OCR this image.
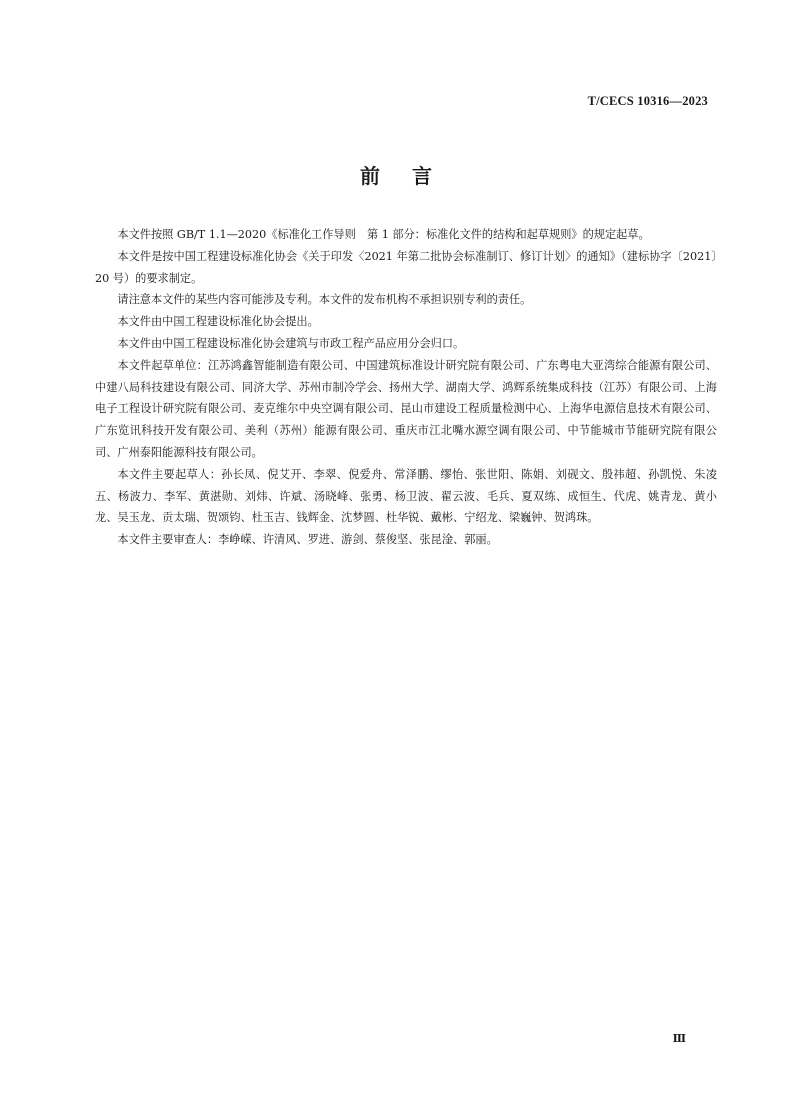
T/CECS 10316—2023
前言

本文件按照 GB/T 1.1—2020《标准化工作导则　第 1 部分：标准化文件的结构和起草规则》的规定起草。

本文件是按中国工程建设标准化协会《关于印发〈2021 年第二批协会标准制订、修订计划〉的通知》（建标协字〔2021〕20 号）的要求制定。

请注意本文件的某些内容可能涉及专利。本文件的发布机构不承担识别专利的责任。

本文件由中国工程建设标准化协会提出。

本文件由中国工程建设标准化协会建筑与市政工程产品应用分会归口。

本文件起草单位：江苏鸿鑫智能制造有限公司、中国建筑标准设计研究院有限公司、广东粤电大亚湾综合能源有限公司、中建八局科技建设有限公司、同济大学、苏州市制冷学会、扬州大学、湖南大学、鸿辉系统集成科技（江苏）有限公司、上海电子工程设计研究院有限公司、麦克维尔中央空调有限公司、昆山市建设工程质量检测中心、上海华电源信息技术有限公司、广东览讯科技开发有限公司、美利（苏州）能源有限公司、重庆市江北嘴水源空调有限公司、中节能城市节能研究院有限公司、广州泰阳能源科技有限公司。

本文件主要起草人：孙长凤、倪艾开、李翠、倪爱舟、常泽鹏、缪怡、张世阳、陈娟、刘砚文、殷祎超、孙凯悦、朱凌五、杨波力、李军、黄湛勋、刘炜、许斌、汤晓峰、张勇、杨卫波、翟云波、毛兵、夏双练、成恒生、代虎、姚青龙、黄小龙、吴玉龙、贡太瑞、贺颂钧、杜玉吉、钱辉金、沈梦圆、杜华锐、戴彬、宁绍龙、梁巍钟、贺鸿珠。

本文件主要审查人：李峥嵘、许清风、罗进、游剑、蔡俊坚、张昆淦、郭丽。

Ⅲ
